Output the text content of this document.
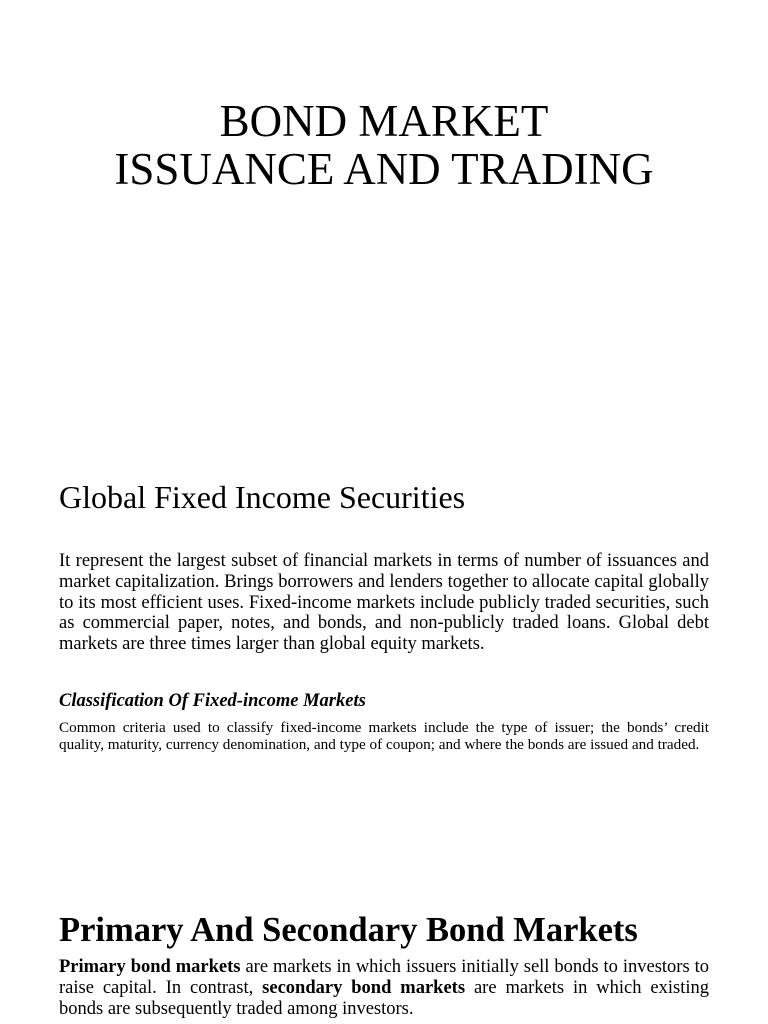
BOND MARKET
ISSUANCE AND TRADING
Global Fixed Income Securities

It represent the largest subset of financial markets in terms of number of issuances and market capitalization. Brings borrowers and lenders together to allocate capital globally to its most efficient uses. Fixed-income markets include publicly traded securities, such as commercial paper, notes, and bonds, and non-publicly traded loans. Global debt markets are three times larger than global equity markets.

Classification Of Fixed-income Markets

Common criteria used to classify fixed-income markets include the type of issuer; the bonds’ credit quality, maturity, currency denomination, and type of coupon; and where the bonds are issued and traded.

Primary And Secondary Bond Markets

Primary bond markets are markets in which issuers initially sell bonds to investors to raise capital. In contrast, secondary bond markets are markets in which existing bonds are subsequently traded among investors.
